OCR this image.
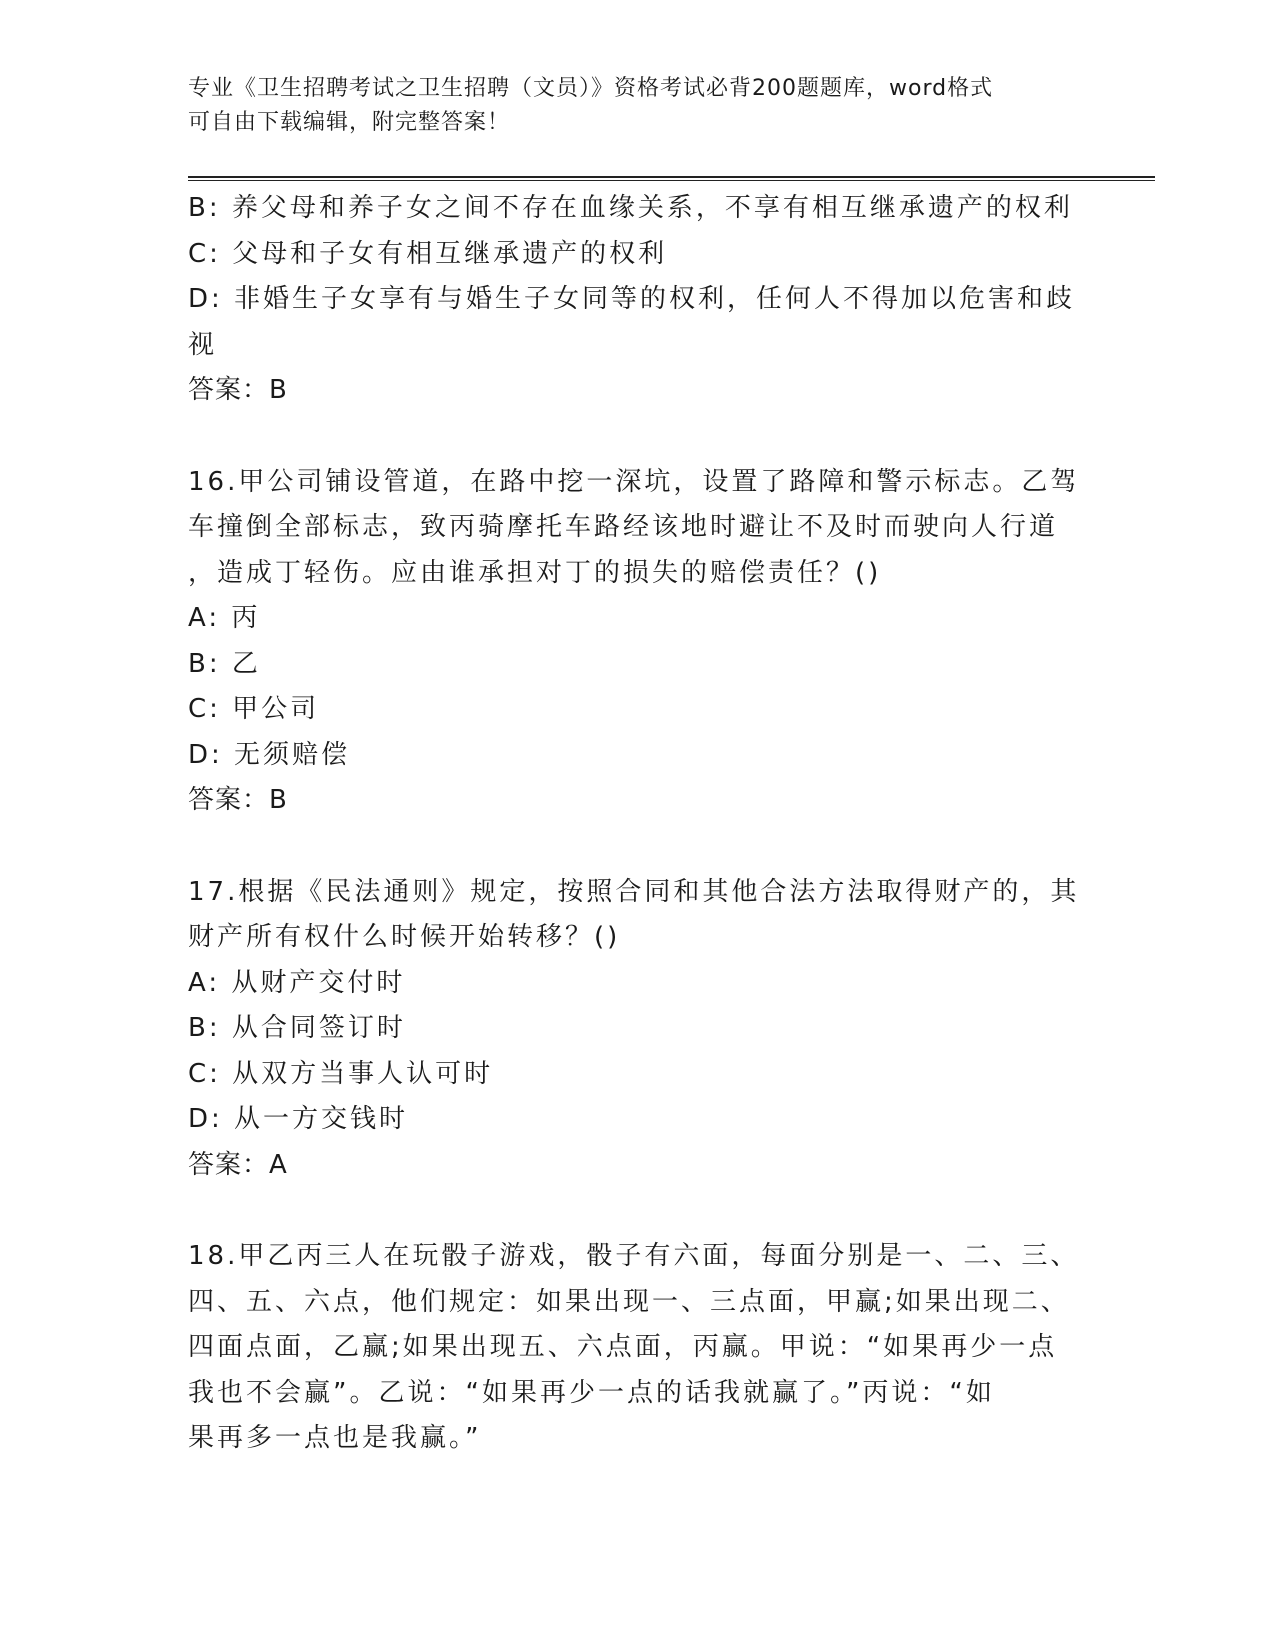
专业《卫生招聘考试之卫生招聘（文员）》资格考试必背200题题库，word格式
可自由下载编辑，附完整答案！
B: 养父母和养子女之间不存在血缘关系，不享有相互继承遗产的权利
C: 父母和子女有相互继承遗产的权利
D: 非婚生子女享有与婚生子女同等的权利，任何人不得加以危害和歧
视
答案：B
16.甲公司铺设管道，在路中挖一深坑，设置了路障和警示标志。乙驾
车撞倒全部标志，致丙骑摩托车路经该地时避让不及时而驶向人行道
，造成丁轻伤。应由谁承担对丁的损失的赔偿责任？()
A: 丙
B: 乙
C: 甲公司
D: 无须赔偿
答案：B
17.根据《民法通则》规定，按照合同和其他合法方法取得财产的，其
财产所有权什么时候开始转移？()
A: 从财产交付时
B: 从合同签订时
C: 从双方当事人认可时
D: 从一方交钱时
答案：A
18.甲乙丙三人在玩骰子游戏，骰子有六面，每面分别是一、二、三、
四、五、六点，他们规定：如果出现一、三点面，甲赢;如果出现二、
四面点面，乙赢;如果出现五、六点面，丙赢。甲说：“如果再少一点
我也不会赢”。乙说：“如果再少一点的话我就赢了。”丙说：“如
果再多一点也是我赢。”
